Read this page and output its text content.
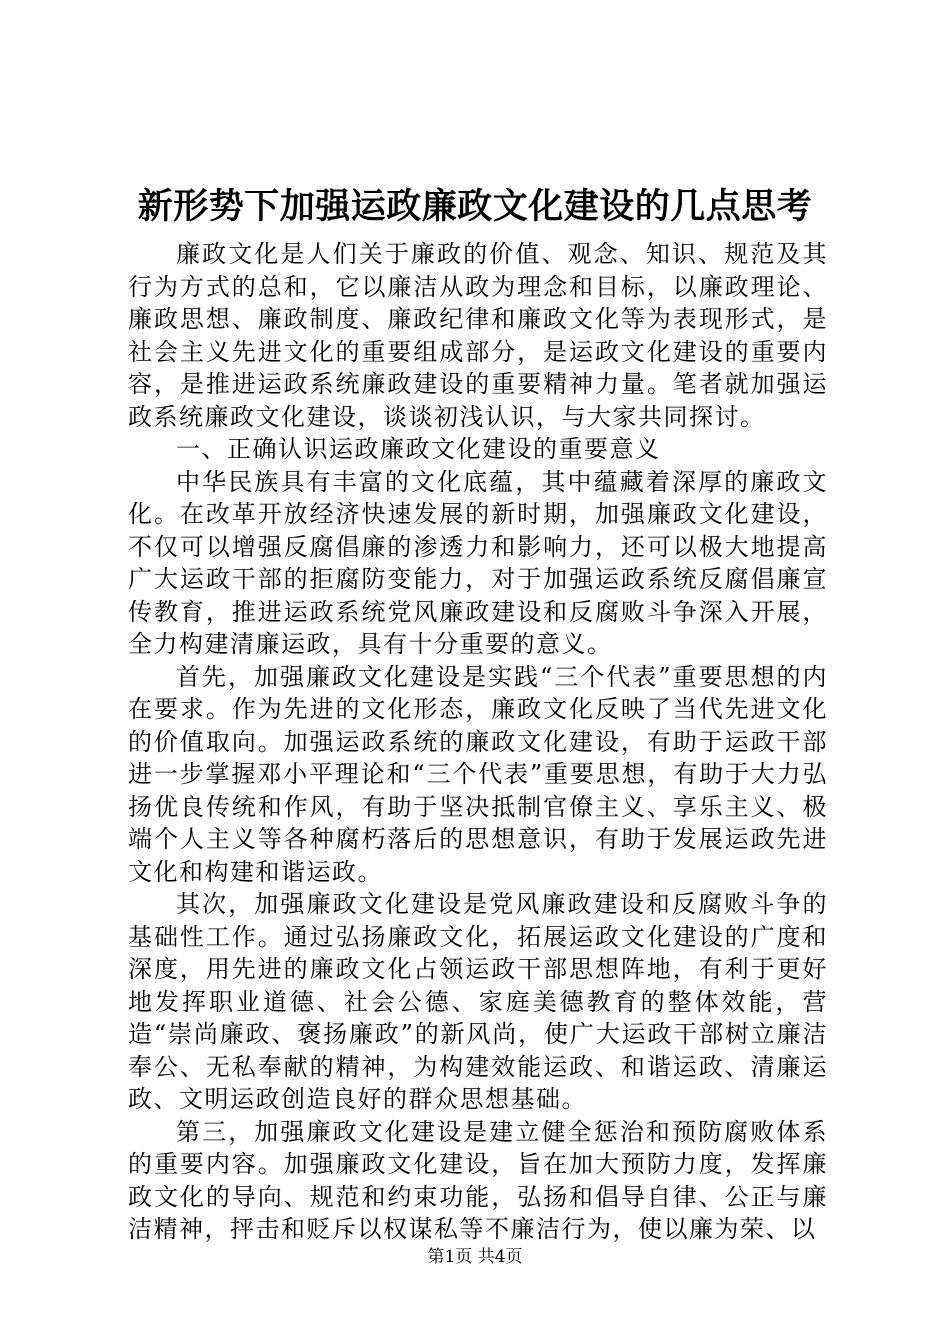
新形势下加强运政廉政文化建设的几点思考

廉政文化是人们关于廉政的价值、观念、知识、规范及其行为方式的总和，它以廉洁从政为理念和目标，以廉政理论、廉政思想、廉政制度、廉政纪律和廉政文化等为表现形式，是社会主义先进文化的重要组成部分，是运政文化建设的重要内容，是推进运政系统廉政建设的重要精神力量。笔者就加强运政系统廉政文化建设，谈谈初浅认识，与大家共同探讨。

一、正确认识运政廉政文化建设的重要意义

中华民族具有丰富的文化底蕴，其中蕴藏着深厚的廉政文化。在改革开放经济快速发展的新时期，加强廉政文化建设，不仅可以增强反腐倡廉的渗透力和影响力，还可以极大地提高广大运政干部的拒腐防变能力，对于加强运政系统反腐倡廉宣传教育，推进运政系统党风廉政建设和反腐败斗争深入开展，全力构建清廉运政，具有十分重要的意义。

首先，加强廉政文化建设是实践“三个代表”重要思想的内在要求。作为先进的文化形态，廉政文化反映了当代先进文化的价值取向。加强运政系统的廉政文化建设，有助于运政干部进一步掌握邓小平理论和“三个代表”重要思想，有助于大力弘扬优良传统和作风，有助于坚决抵制官僚主义、享乐主义、极端个人主义等各种腐朽落后的思想意识，有助于发展运政先进文化和构建和谐运政。

其次，加强廉政文化建设是党风廉政建设和反腐败斗争的基础性工作。通过弘扬廉政文化，拓展运政文化建设的广度和深度，用先进的廉政文化占领运政干部思想阵地，有利于更好地发挥职业道德、社会公德、家庭美德教育的整体效能，营造“崇尚廉政、褒扬廉政”的新风尚，使广大运政干部树立廉洁奉公、无私奉献的精神，为构建效能运政、和谐运政、清廉运政、文明运政创造良好的群众思想基础。

第三，加强廉政文化建设是建立健全惩治和预防腐败体系的重要内容。加强廉政文化建设，旨在加大预防力度，发挥廉政文化的导向、规范和约束功能，弘扬和倡导自律、公正与廉洁精神，抨击和贬斥以权谋私等不廉洁行为，使以廉为荣、以

第1页 共4页
